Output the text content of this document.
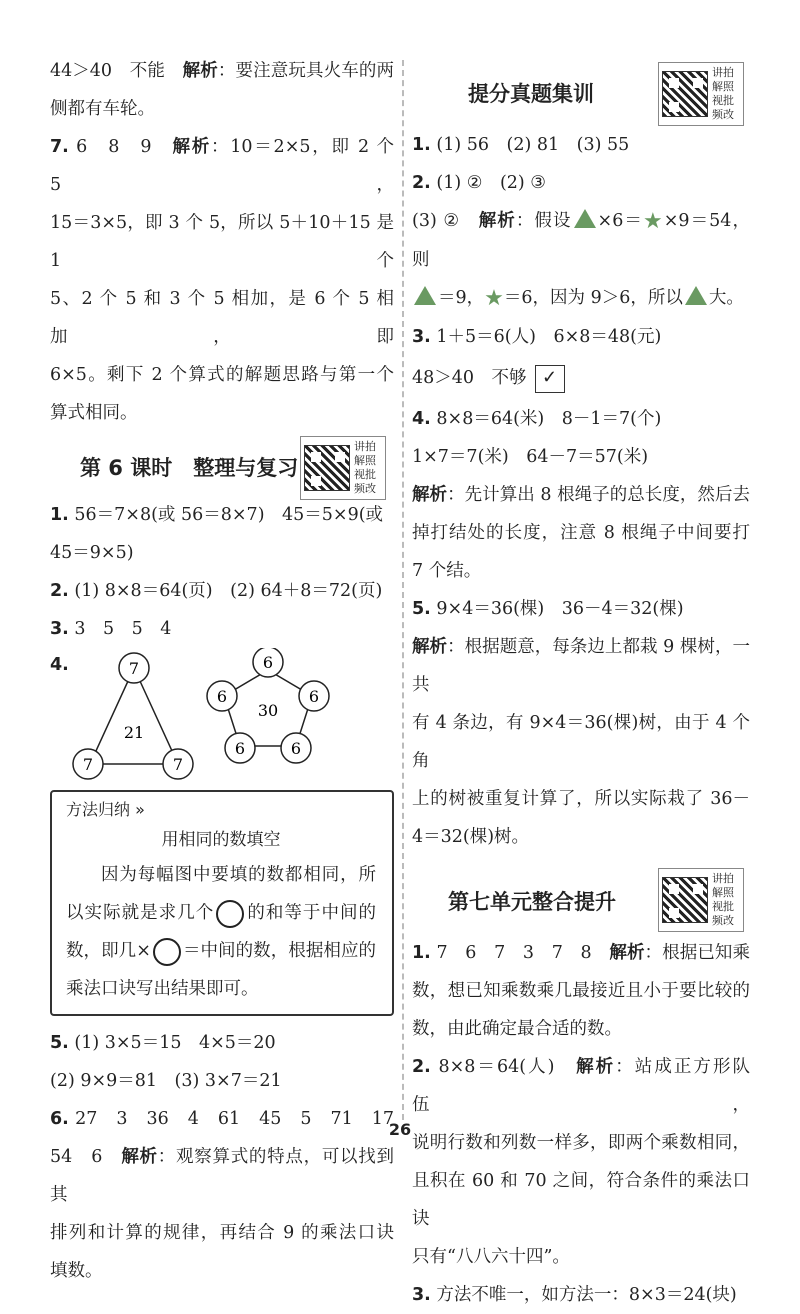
44＞40　不能　解析：要注意玩具火车的两

侧都有车轮。

7. 6　8　9　解析：10＝2×5，即 2 个 5，

15＝3×5，即 3 个 5，所以 5＋10＋15 是 1 个

5、2 个 5 和 3 个 5 相加，是 6 个 5 相加，即

6×5。剩下 2 个算式的解题思路与第一个

算式相同。

第 6 课时　整理与复习
讲拍
解照
视批
频改

1. 56＝7×8(或 56＝8×7)　45＝5×9(或

45＝9×5)

2. (1) 8×8＝64(页)　(2) 64＋8＝72(页)

3. 3　5　5　4

4.	7
21
7	7
6
30
6	6
6	6
方法归纳 »
用相同的数填空

因为每幅图中要填的数都相同，所

以实际就是求几个 的和等于中间的

数，即几× ＝中间的数，根据相应的

乘法口诀写出结果即可。

5. (1) 3×5＝15　4×5＝20

(2) 9×9＝81　(3) 3×7＝21

6. 27　3　36　4　61　45　5　71　17

54　6　解析：观察算式的特点，可以找到其

排列和计算的规律，再结合 9 的乘法口诀

填数。

提分真题集训
讲拍
解照
视批
频改

1. (1) 56　(2) 81　(3) 55

2. (1) ②　(2) ③

(3) ②　解析：假设 ×6＝★×9＝54，则

＝9，★＝6，因为 9＞6，所以 大。

3. 1＋5＝6(人)　6×8＝48(元)

48＞40　不够 ✓

4. 8×8＝64(米)　8－1＝7(个)

1×7＝7(米)　64－7＝57(米)

解析：先计算出 8 根绳子的总长度，然后去

掉打结处的长度，注意 8 根绳子中间要打

7 个结。

5. 9×4＝36(棵)　36－4＝32(棵)

解析：根据题意，每条边上都栽 9 棵树，一共

有 4 条边，有 9×4＝36(棵)树，由于 4 个角

上的树被重复计算了，所以实际栽了 36－

4＝32(棵)树。

第七单元整合提升
讲拍
解照
视批
频改

1. 7　6　7　3　7　8　解析：根据已知乘

数，想已知乘数乘几最接近且小于要比较的

数，由此确定最合适的数。

2. 8×8＝64(人)　解析：站成正方形队伍，

说明行数和列数一样多，即两个乘数相同，

且积在 60 和 70 之间，符合条件的乘法口诀

只有“八八六十四”。

3. 方法不唯一，如方法一：8×3＝24(块)

26
